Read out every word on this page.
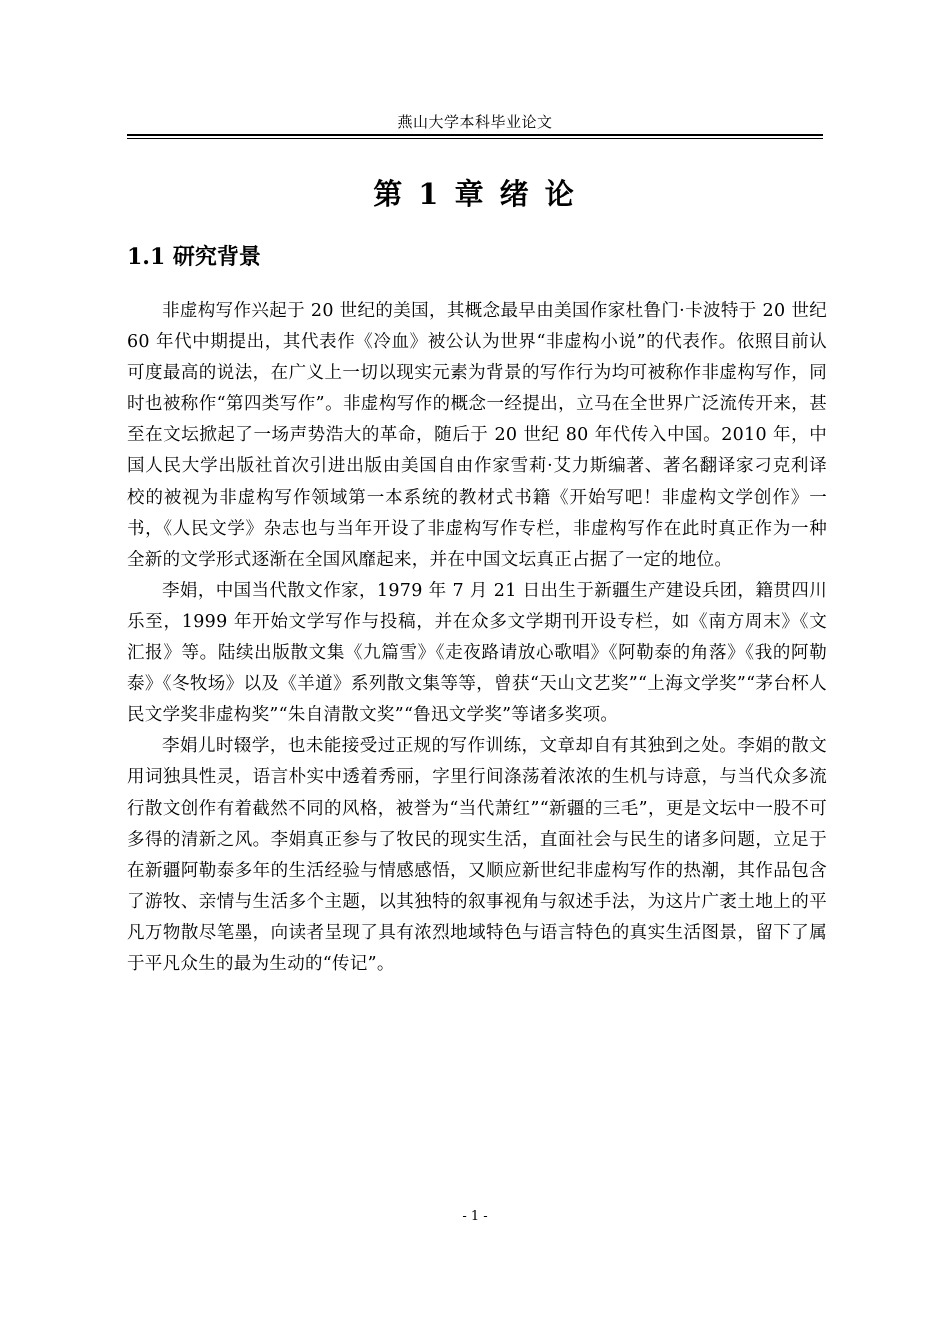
燕山大学本科毕业论文
第 1 章 绪 论
1.1 研究背景

非虚构写作兴起于 20 世纪的美国，其概念最早由美国作家杜鲁门·卡波特于 20 世纪 60 年代中期提出，其代表作《冷血》被公认为世界“非虚构小说”的代表作。依照目前认可度最高的说法，在广义上一切以现实元素为背景的写作行为均可被称作非虚构写作，同时也被称作“第四类写作”。非虚构写作的概念一经提出，立马在全世界广泛流传开来，甚至在文坛掀起了一场声势浩大的革命，随后于 20 世纪 80 年代传入中国。2010 年，中国人民大学出版社首次引进出版由美国自由作家雪莉·艾力斯编著、著名翻译家刁克利译校的被视为非虚构写作领域第一本系统的教材式书籍《开始写吧！非虚构文学创作》一书，《人民文学》杂志也与当年开设了非虚构写作专栏，非虚构写作在此时真正作为一种全新的文学形式逐渐在全国风靡起来，并在中国文坛真正占据了一定的地位。

李娟，中国当代散文作家，1979 年 7 月 21 日出生于新疆生产建设兵团，籍贯四川乐至，1999 年开始文学写作与投稿，并在众多文学期刊开设专栏，如《南方周末》《文汇报》等。陆续出版散文集《九篇雪》《走夜路请放心歌唱》《阿勒泰的角落》《我的阿勒泰》《冬牧场》以及《羊道》系列散文集等等，曾获“天山文艺奖”“上海文学奖”“茅台杯人民文学奖非虚构奖”“朱自清散文奖”“鲁迅文学奖”等诸多奖项。

李娟儿时辍学，也未能接受过正规的写作训练，文章却自有其独到之处。李娟的散文用词独具性灵，语言朴实中透着秀丽，字里行间涤荡着浓浓的生机与诗意，与当代众多流行散文创作有着截然不同的风格，被誉为“当代萧红”“新疆的三毛”，更是文坛中一股不可多得的清新之风。李娟真正参与了牧民的现实生活，直面社会与民生的诸多问题，立足于在新疆阿勒泰多年的生活经验与情感感悟，又顺应新世纪非虚构写作的热潮，其作品包含了游牧、亲情与生活多个主题，以其独特的叙事视角与叙述手法，为这片广袤土地上的平凡万物散尽笔墨，向读者呈现了具有浓烈地域特色与语言特色的真实生活图景，留下了属于平凡众生的最为生动的“传记”。

- 1 -
